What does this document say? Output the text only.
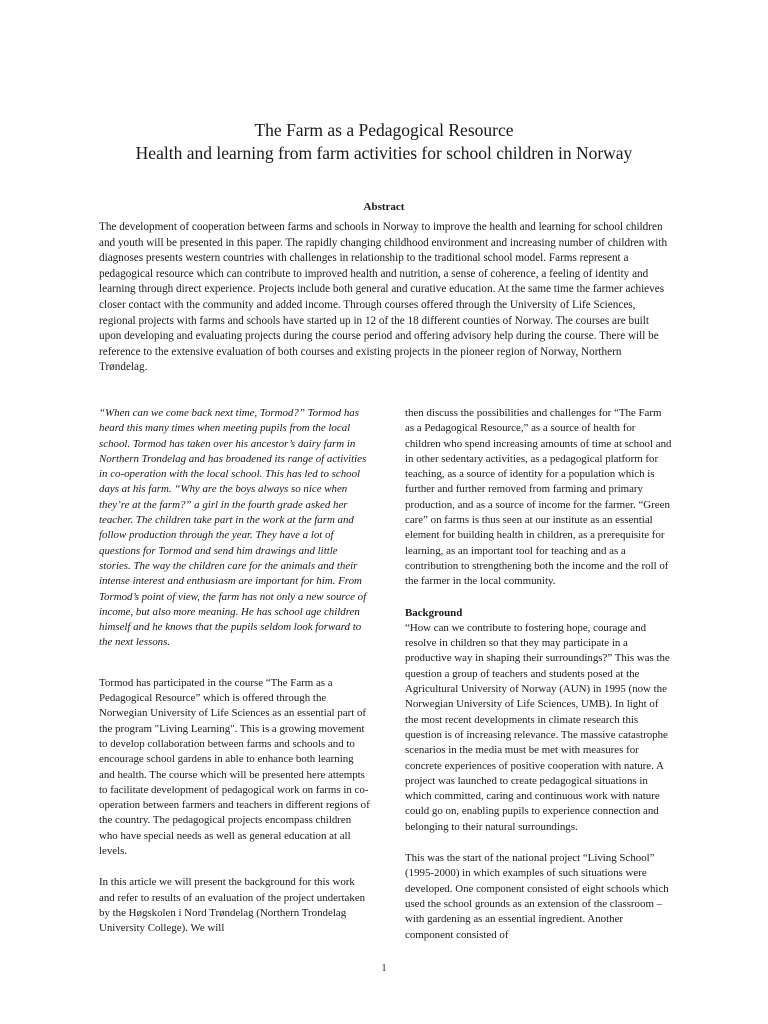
The Farm as a Pedagogical Resource

Health and learning from farm activities for school children in Norway

Abstract

The development of cooperation between farms and schools in Norway to improve the health and learning for school children and youth will be presented in this paper. The rapidly changing childhood environment and increasing number of children with diagnoses presents western countries with challenges in relationship to the traditional school model. Farms represent a pedagogical resource which can contribute to improved health and nutrition, a sense of coherence, a feeling of identity and learning through direct experience. Projects include both general and curative education. At the same time the farmer achieves closer contact with the community and added income. Through courses offered through the University of Life Sciences, regional projects with farms and schools have started up in 12 of the 18 different counties of Norway. The courses are built upon developing and evaluating projects during the course period and offering advisory help during the course. There will be reference to the extensive evaluation of both courses and existing projects in the pioneer region of Norway, Northern Trøndelag.

“When can we come back next time, Tormod?” Tormod has heard this many times when meeting pupils from the local school. Tormod has taken over his ancestor’s dairy farm in Northern Trondelag and has broadened its range of activities in co-operation with the local school. This has led to school days at his farm. “Why are the boys always so nice when they’re at the farm?” a girl in the fourth grade asked her teacher. The children take part in the work at the farm and follow production through the year. They have a lot of questions for Tormod and send him drawings and little stories. The way the children care for the animals and their intense interest and enthusiasm are important for him. From Tormod’s point of view, the farm has not only a new source of income, but also more meaning. He has school age children himself and he knows that the pupils seldom look forward to the next lessons.

Tormod has participated in the course “The Farm as a Pedagogical Resource” which is offered through the Norwegian University of Life Sciences as an essential part of the program "Living Learning". This is a growing movement to develop collaboration between farms and schools and to encourage school gardens in able to enhance both learning and health. The course which will be presented here attempts to facilitate development of pedagogical work on farms in co-operation between farmers and teachers in different regions of the country. The pedagogical projects encompass children who have special needs as well as general education at all levels.

In this article we will present the background for this work and refer to results of an evaluation of the project undertaken by the Høgskolen i Nord Trøndelag (Northern Trondelag University College). We will

then discuss the possibilities and challenges for “The Farm as a Pedagogical Resource,” as a source of health for children who spend increasing amounts of time at school and in other sedentary activities, as a pedagogical platform for teaching, as a source of identity for a population which is further and further removed from farming and primary production, and as a source of income for the farmer. “Green care” on farms is thus seen at our institute as an essential element for building health in children, as a prerequisite for learning, as an important tool for teaching and as a contribution to strengthening both the income and the roll of the farmer in the local community.

Background

“How can we contribute to fostering hope, courage and resolve in children so that they may participate in a productive way in shaping their surroundings?” This was the question a group of teachers and students posed at the Agricultural University of Norway (AUN) in 1995 (now the Norwegian University of Life Sciences, UMB). In light of the most recent developments in climate research this question is of increasing relevance. The massive catastrophe scenarios in the media must be met with measures for concrete experiences of positive cooperation with nature. A project was launched to create pedagogical situations in which committed, caring and continuous work with nature could go on, enabling pupils to experience connection and belonging to their natural surroundings.

This was the start of the national project “Living School” (1995-2000) in which examples of such situations were developed. One component consisted of eight schools which used the school grounds as an extension of the classroom – with gardening as an essential ingredient. Another component consisted of

1
